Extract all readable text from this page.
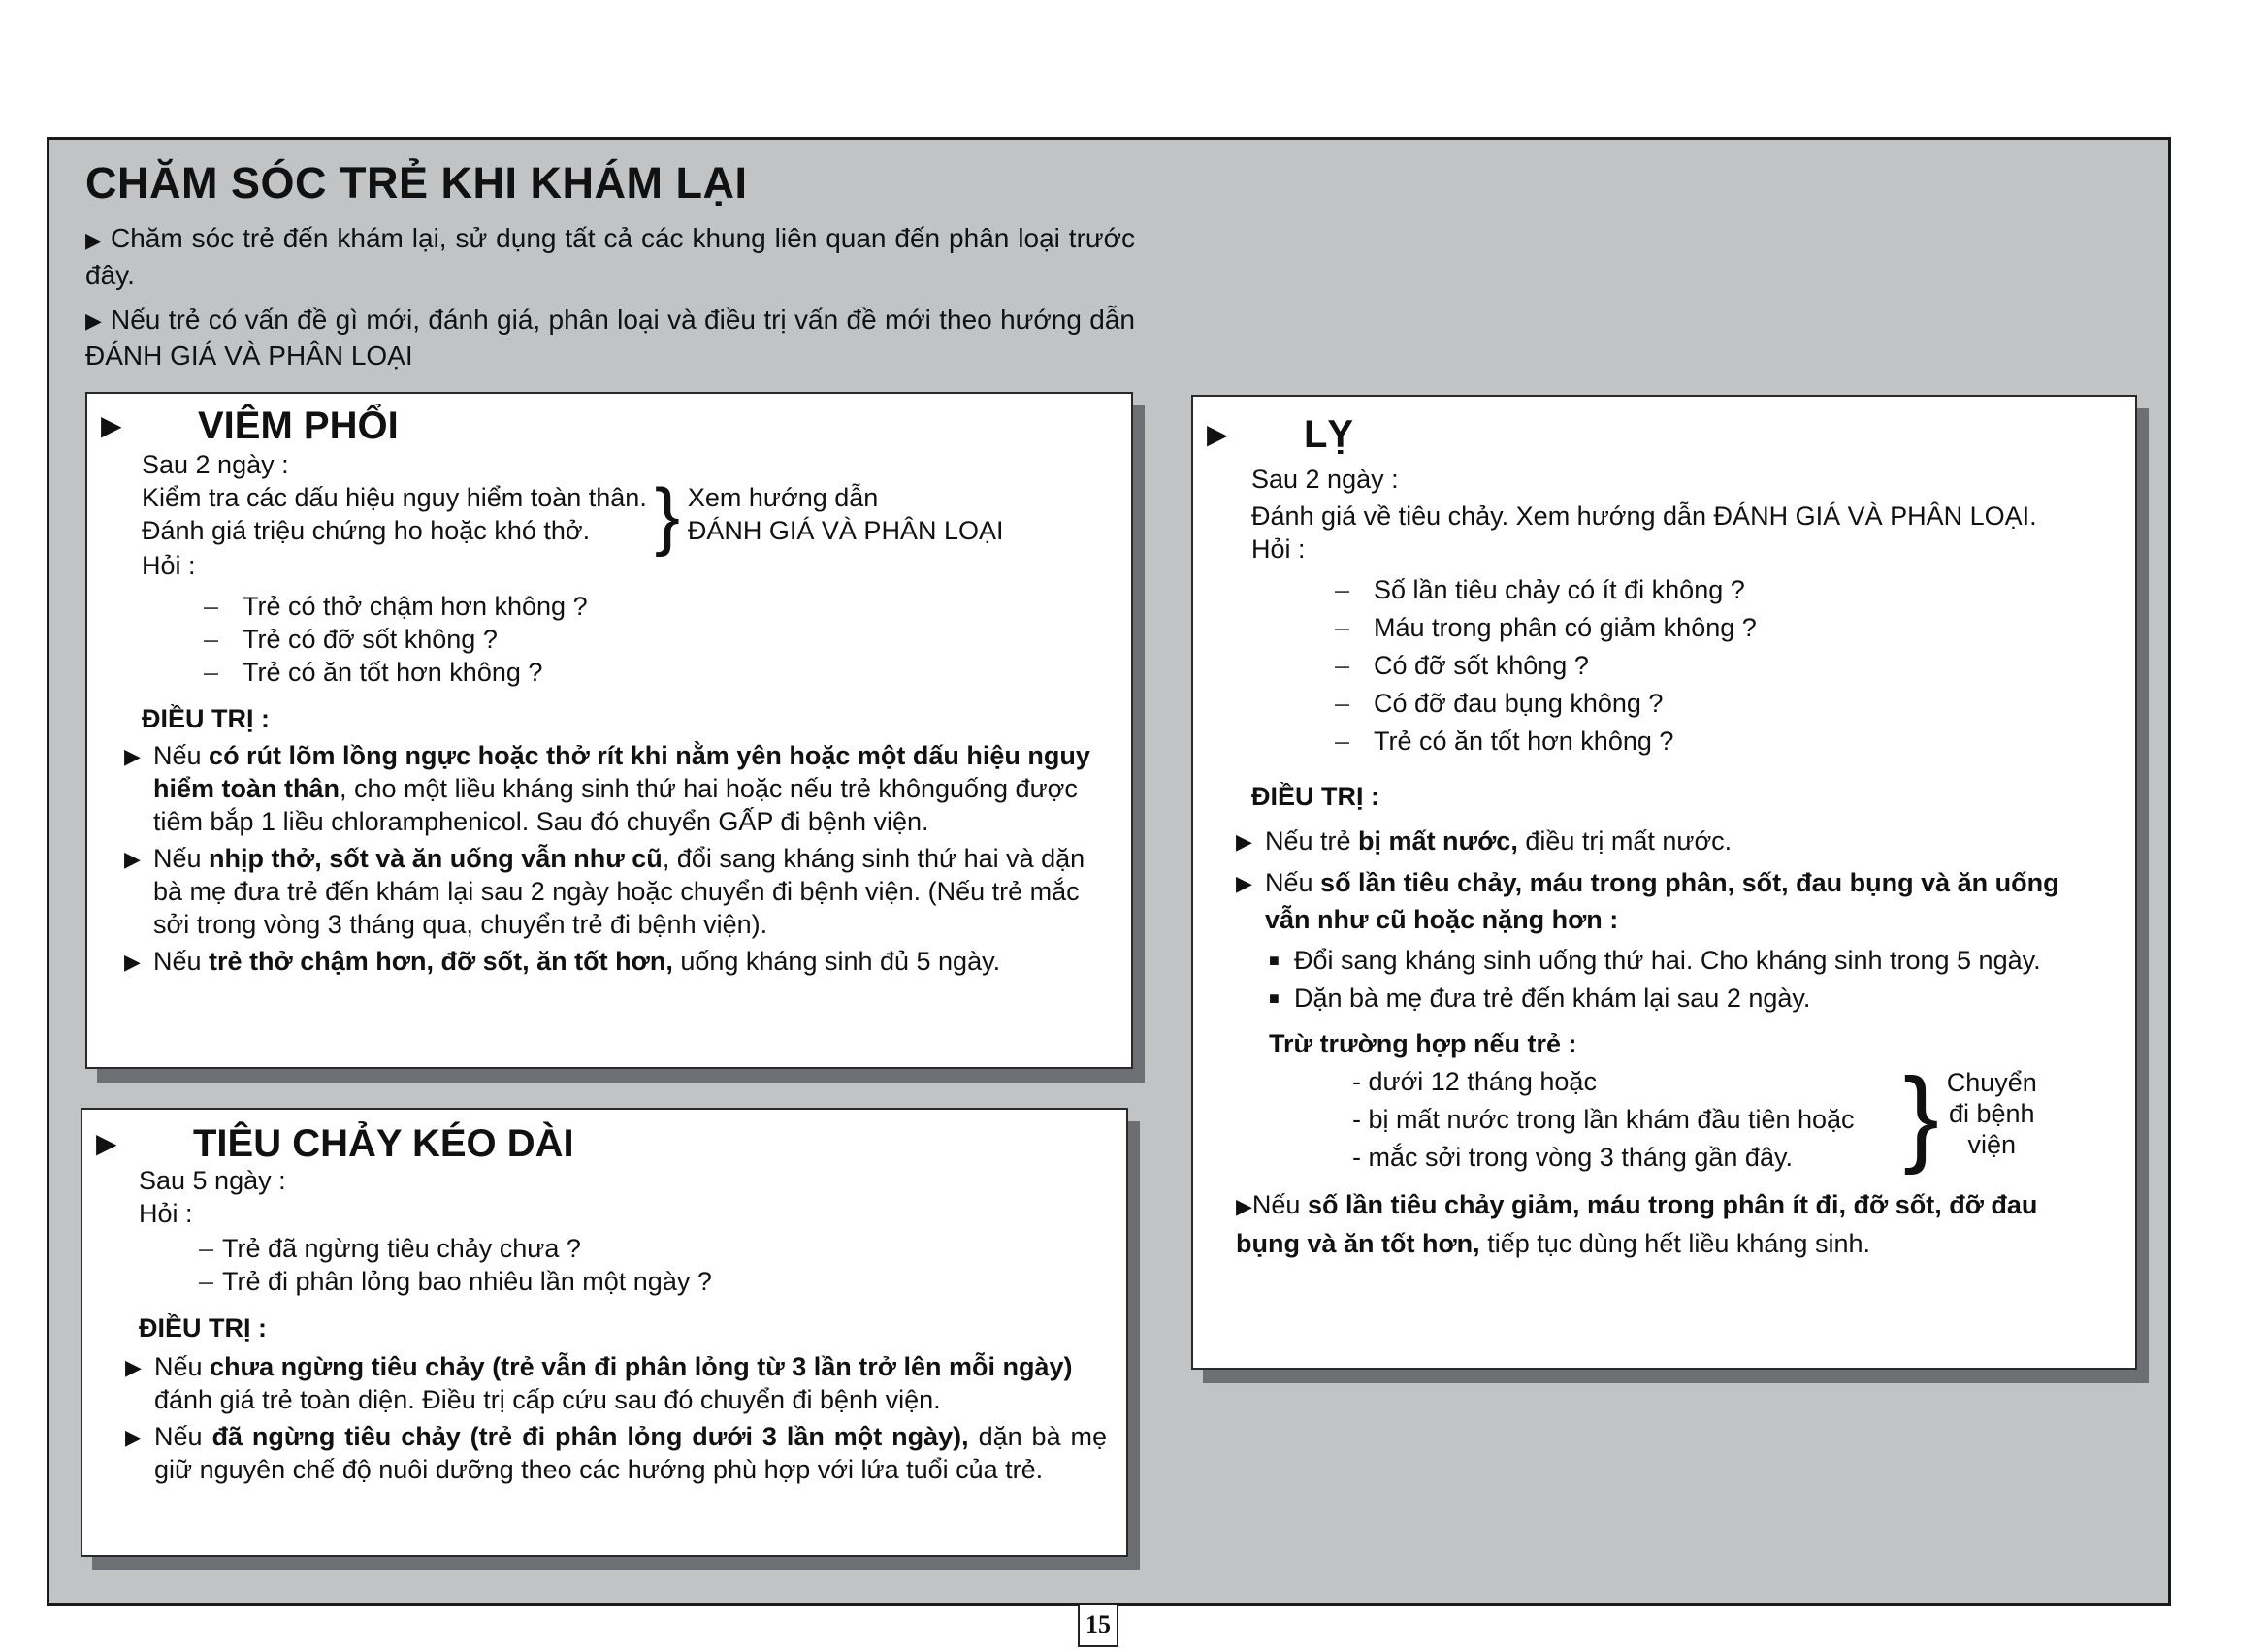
CHĂM SÓC TRẺ KHI KHÁM LẠI

▶ Chăm sóc trẻ đến khám lại, sử dụng tất cả các khung liên quan đến phân loại trước đây.

▶ Nếu trẻ có vấn đề gì mới, đánh giá, phân loại và điều trị vấn đề mới theo hướng dẫn ĐÁNH GIÁ VÀ PHÂN LOẠI

▶	VIÊM PHỔI

Sau 2 ngày :

Kiểm tra các dấu hiệu nguy hiểm toàn thân.

Đánh giá triệu chứng ho hoặc khó thở. } Xem hướng dẫn

ĐÁNH GIÁ VÀ PHÂN LOẠI

Hỏi :

– Trẻ có thở chậm hơn không ?
– Trẻ có đỡ sốt không ?
– Trẻ có ăn tốt hơn không ?

ĐIỀU TRỊ :

▶ Nếu có rút lõm lồng ngực hoặc thở rít khi nằm yên hoặc một dấu hiệu nguy hiểm toàn thân, cho một liều kháng sinh thứ hai hoặc nếu trẻ khônguống được tiêm bắp 1 liều chloramphenicol. Sau đó chuyển GẤP đi bệnh viện.
▶ Nếu nhịp thở, sốt và ăn uống vẫn như cũ, đổi sang kháng sinh thứ hai và dặn bà mẹ đưa trẻ đến khám lại sau 2 ngày hoặc chuyển đi bệnh viện. (Nếu trẻ mắc sởi trong vòng 3 tháng qua, chuyển trẻ đi bệnh viện).
▶ Nếu trẻ thở chậm hơn, đỡ sốt, ăn tốt hơn, uống kháng sinh đủ 5 ngày.
▶	TIÊU CHẢY KÉO DÀI

Sau 5 ngày :

Hỏi :

– Trẻ đã ngừng tiêu chảy chưa ?
– Trẻ đi phân lỏng bao nhiêu lần một ngày ?

ĐIỀU TRỊ :

▶ Nếu chưa ngừng tiêu chảy (trẻ vẫn đi phân lỏng từ 3 lần trở lên mỗi ngày) đánh giá trẻ toàn diện. Điều trị cấp cứu sau đó chuyển đi bệnh viện.
▶ Nếu đã ngừng tiêu chảy (trẻ đi phân lỏng dưới 3 lần một ngày), dặn bà mẹ giữ nguyên chế độ nuôi dưỡng theo các hướng phù hợp với lứa tuổi của trẻ.
▶	LỴ

Sau 2 ngày :

Đánh giá về tiêu chảy. Xem hướng dẫn ĐÁNH GIÁ VÀ PHÂN LOẠI.

Hỏi :

– Số lần tiêu chảy có ít đi không ?
– Máu trong phân có giảm không ?
– Có đỡ sốt không ?
– Có đỡ đau bụng không ?
– Trẻ có ăn tốt hơn không ?

ĐIỀU TRỊ :

▶ Nếu trẻ bị mất nước, điều trị mất nước.
▶ Nếu số lần tiêu chảy, máu trong phân, sốt, đau bụng và ăn uống vẫn như cũ hoặc nặng hơn :
■ Đổi sang kháng sinh uống thứ hai. Cho kháng sinh trong 5 ngày.
■ Dặn bà mẹ đưa trẻ đến khám lại sau 2 ngày.

Trừ trường hợp nếu trẻ :

- dưới 12 tháng hoặc

- bị mất nước trong lần khám đầu tiên hoặc

- mắc sởi trong vòng 3 tháng gần đây.	} Chuyển

đi bệnh

viện

▶Nếu số lần tiêu chảy giảm, máu trong phân ít đi, đỡ sốt, đỡ đau bụng và ăn tốt hơn, tiếp tục dùng hết liều kháng sinh.
15
